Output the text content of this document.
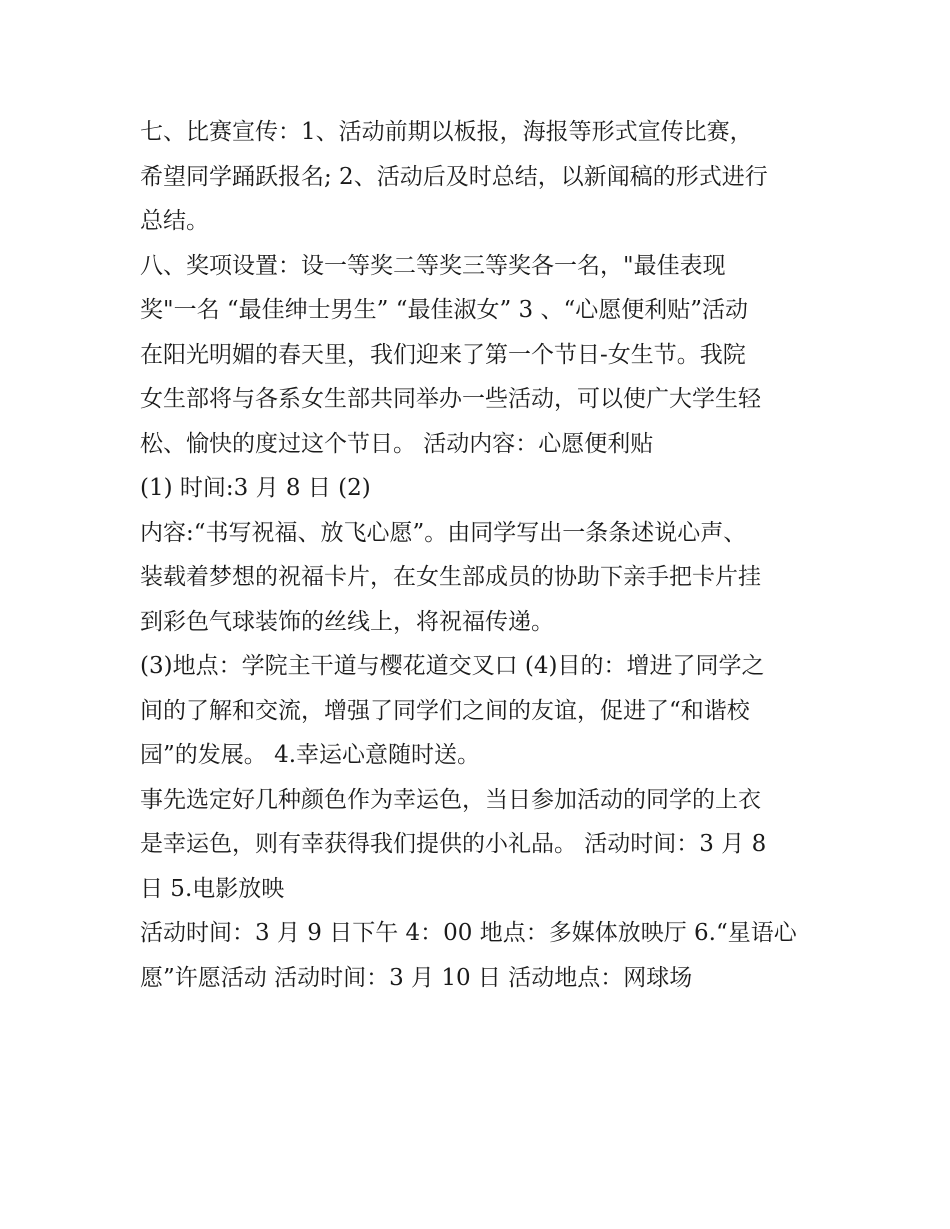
七、比赛宣传：1、活动前期以板报，海报等形式宣传比赛，
希望同学踊跃报名; 2、活动后及时总结，以新闻稿的形式进行
总结。
八、奖项设置：设一等奖二等奖三等奖各一名，"最佳表现
奖"一名 “最佳绅士男生” “最佳淑女” 3 、“心愿便利贴”活动
在阳光明媚的春天里，我们迎来了第一个节日-女生节。我院
女生部将与各系女生部共同举办一些活动，可以使广大学生轻
松、愉快的度过这个节日。 活动内容：心愿便利贴
(1) 时间:3 月 8 日 (2)
内容:“书写祝福、放飞心愿”。由同学写出一条条述说心声、
装载着梦想的祝福卡片，在女生部成员的协助下亲手把卡片挂
到彩色气球装饰的丝线上，将祝福传递。
(3)地点：学院主干道与樱花道交叉口 (4)目的：增进了同学之
间的了解和交流，增强了同学们之间的友谊，促进了“和谐校
园”的发展。 4.幸运心意随时送。
事先选定好几种颜色作为幸运色，当日参加活动的同学的上衣
是幸运色，则有幸获得我们提供的小礼品。 活动时间：3 月 8
日 5.电影放映
活动时间：3 月 9 日下午 4：00 地点：多媒体放映厅 6.“星语心
愿”许愿活动 活动时间：3 月 10 日 活动地点：网球场
